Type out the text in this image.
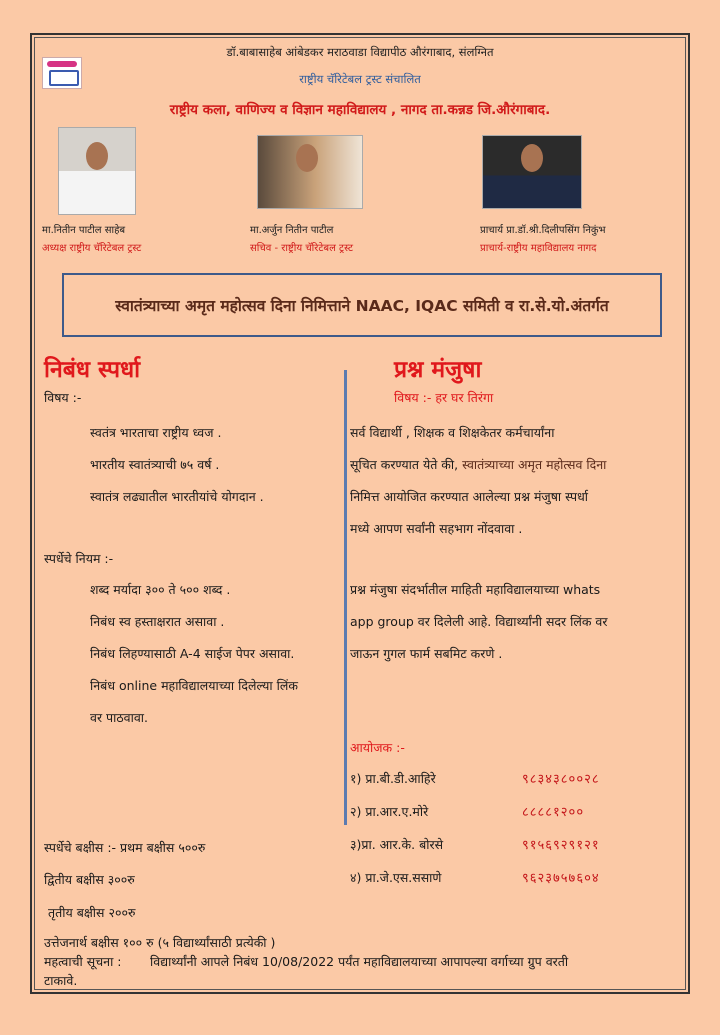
डॉ.बाबासाहेब आंबेडकर मराठवाडा विद्यापीठ औरंगाबाद, संलग्नित
राष्ट्रीय चॅरिटेबल ट्रस्ट संचालित
राष्ट्रीय कला, वाणिज्य व विज्ञान महाविद्यालय , नागद ता.कन्नड जि.औरंगाबाद.
मा.नितीन पाटील साहेब
अध्यक्ष राष्ट्रीय चॅरिटेबल ट्रस्ट
मा.अर्जुन नितीन पाटील
सचिव - राष्ट्रीय चॅरिटेबल ट्रस्ट
प्राचार्य प्रा.डॉ.श्री.दिलीपसिंग निकुंभ
प्राचार्य-राष्ट्रीय महाविद्यालय नागद
स्वातंत्र्याच्या अमृत महोत्सव दिना निमित्ताने NAAC, IQAC समिती व रा.से.यो.अंतर्गत
निबंध स्पर्धा
विषय :-
स्वतंत्र भारताचा राष्ट्रीय ध्वज .
भारतीय स्वातंत्र्याची ७५ वर्ष .
स्वातंत्र लढ्यातील भारतीयांचे योगदान .
स्पर्धेचे नियम :-
शब्द मर्यादा ३०० ते ५०० शब्द .
निबंध स्व हस्ताक्षरात असावा .
निबंध लिहण्यासाठी A-4 साईज पेपर असावा.
निबंध online महाविद्यालयाच्या दिलेल्या लिंक
वर पाठवावा.
स्पर्धेचे बक्षीस :- प्रथम बक्षीस ५००रु
द्वितीय बक्षीस ३००रु
तृतीय बक्षीस २००रु
उत्तेजनार्थ बक्षीस १०० रु (५ विद्यार्थ्यांसाठी प्रत्येकी )
महत्वाची सूचना : विद्यार्थ्यांनी आपले निबंध 10/08/2022 पर्यंत महाविद्यालयाच्या आपापल्या वर्गाच्या ग्रुप वरती
टाकावे.
प्रश्न मंजुषा
विषय :- हर घर तिरंगा
सर्व विद्यार्थी , शिक्षक व शिक्षकेतर कर्मचार्यांना
सूचित करण्यात येते की, स्वातंत्र्याच्या अमृत महोत्सव दिना
निमित्त आयोजित करण्यात आलेल्या प्रश्न मंजुषा स्पर्धा
मध्ये आपण सर्वांनी सहभाग नोंदवावा .
प्रश्न मंजुषा संदर्भातील माहिती महाविद्यालयाच्या whats
app group वर दिलेली आहे. विद्यार्थ्यांनी सदर लिंक वर
जाऊन गुगल फार्म सबमिट करणे .
आयोजक :-
१) प्रा.बी.डी.आहिरे	९८३४३८००२८
२) प्रा.आर.ए.मोरे	८८८८१२००
३)प्रा. आर.के. बोरसे	९१५६९२९१२१
४) प्रा.जे.एस.ससाणे	९६२३७५७६०४
